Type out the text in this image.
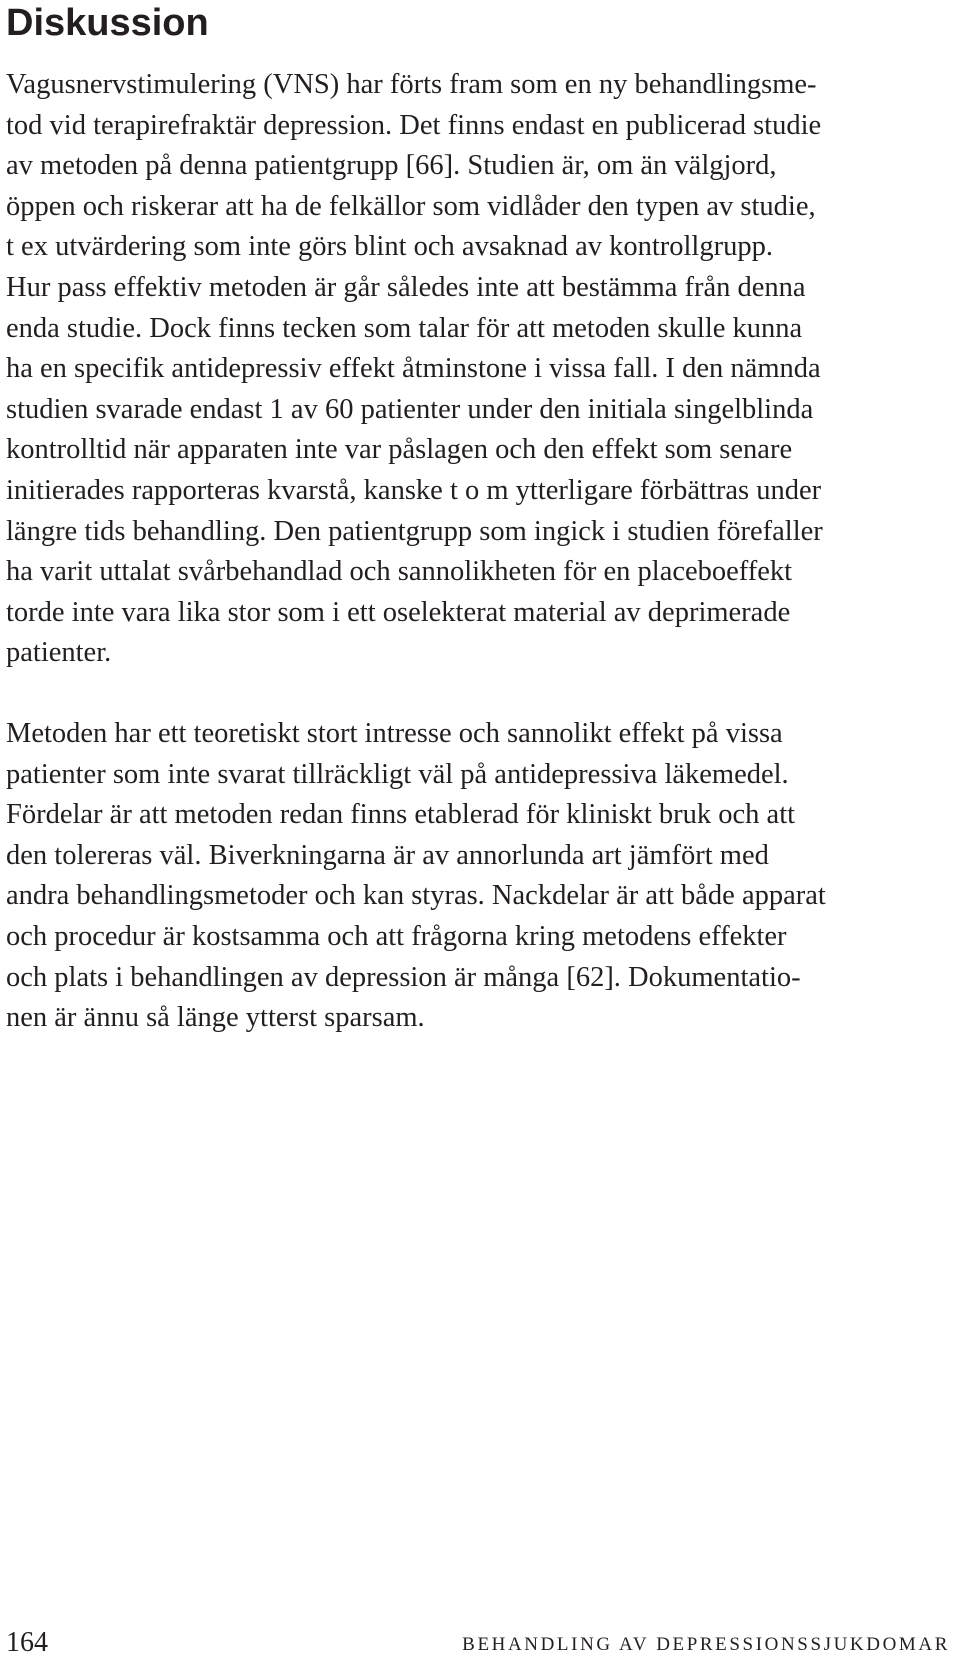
Diskussion
Vagusnervstimulering (VNS) har förts fram som en ny behandlingsme-
tod vid terapirefraktär depression. Det finns endast en publicerad studie
av metoden på denna patientgrupp [66]. Studien är, om än välgjord,
öppen och riskerar att ha de felkällor som vidlåder den typen av studie,
t ex utvärdering som inte görs blint och avsaknad av kontrollgrupp.
Hur pass effektiv metoden är går således inte att bestämma från denna
enda studie. Dock finns tecken som talar för att metoden skulle kunna
ha en specifik antidepressiv effekt åtminstone i vissa fall. I den nämnda
studien svarade endast 1 av 60 patienter under den initiala singelblinda
kontrolltid när apparaten inte var påslagen och den effekt som senare
initierades rapporteras kvarstå, kanske t o m ytterligare förbättras under
längre tids behandling. Den patientgrupp som ingick i studien förefaller
ha varit uttalat svårbehandlad och sannolikheten för en placeboeffekt
torde inte vara lika stor som i ett oselekterat material av deprimerade
patienter.
Metoden har ett teoretiskt stort intresse och sannolikt effekt på vissa
patienter som inte svarat tillräckligt väl på antidepressiva läkemedel.
Fördelar är att metoden redan finns etablerad för kliniskt bruk och att
den tolereras väl. Biverkningarna är av annorlunda art jämfört med
andra behandlingsmetoder och kan styras. Nackdelar är att både apparat
och procedur är kostsamma och att frågorna kring metodens effekter
och plats i behandlingen av depression är många [62]. Dokumentatio-
nen är ännu så länge ytterst sparsam.
164	BEHANDLING AV DEPRESSIONSSJUKDOMAR
